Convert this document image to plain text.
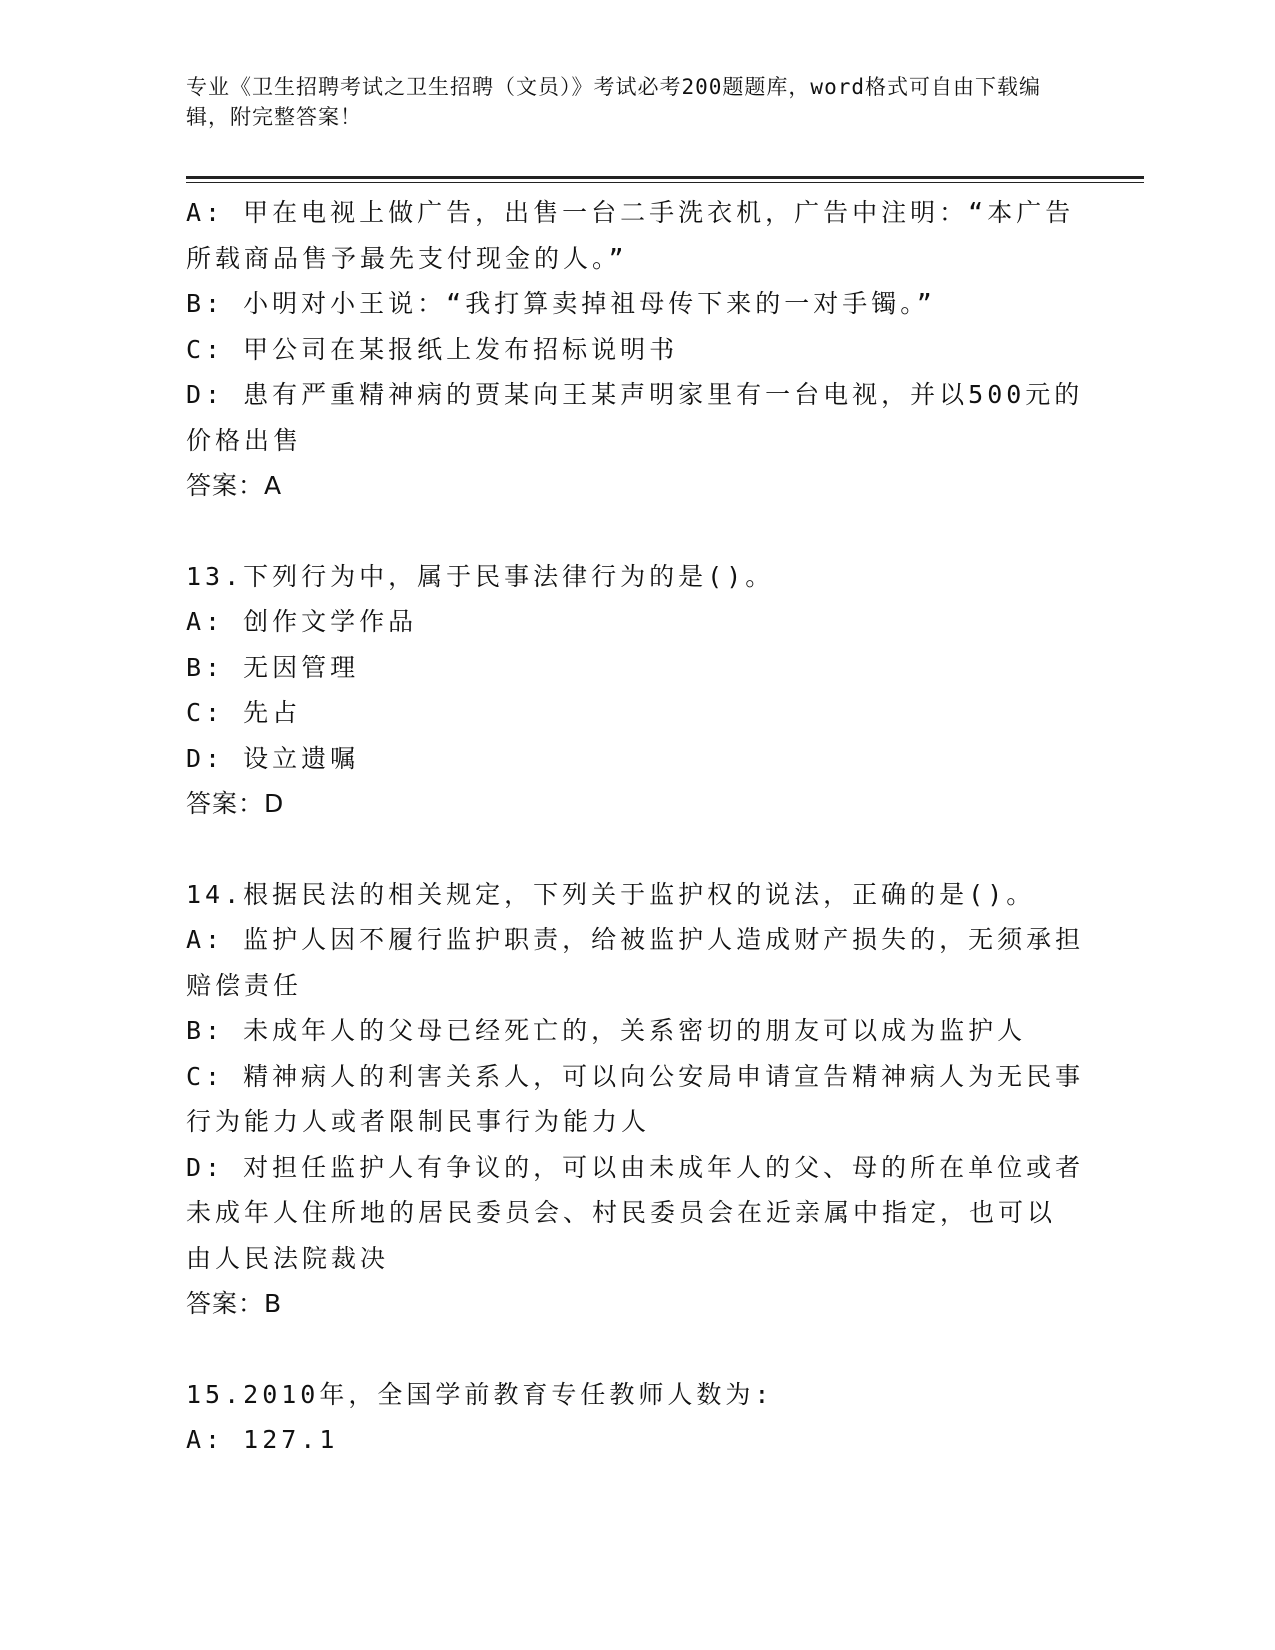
专业《卫生招聘考试之卫生招聘（文员）》考试必考200题题库，word格式可自由下载编辑，附完整答案！
A: 甲在电视上做广告，出售一台二手洗衣机，广告中注明：“本广告
所载商品售予最先支付现金的人。”
B: 小明对小王说：“我打算卖掉祖母传下来的一对手镯。”
C: 甲公司在某报纸上发布招标说明书
D: 患有严重精神病的贾某向王某声明家里有一台电视，并以500元的
价格出售
答案：A
13.下列行为中，属于民事法律行为的是()。
A: 创作文学作品
B: 无因管理
C: 先占
D: 设立遗嘱
答案：D
14.根据民法的相关规定，下列关于监护权的说法，正确的是()。
A: 监护人因不履行监护职责，给被监护人造成财产损失的，无须承担
赔偿责任
B: 未成年人的父母已经死亡的，关系密切的朋友可以成为监护人
C: 精神病人的利害关系人，可以向公安局申请宣告精神病人为无民事
行为能力人或者限制民事行为能力人
D: 对担任监护人有争议的，可以由未成年人的父、母的所在单位或者
未成年人住所地的居民委员会、村民委员会在近亲属中指定，也可以
由人民法院裁决
答案：B
15.2010年，全国学前教育专任教师人数为:
A: 127.1
